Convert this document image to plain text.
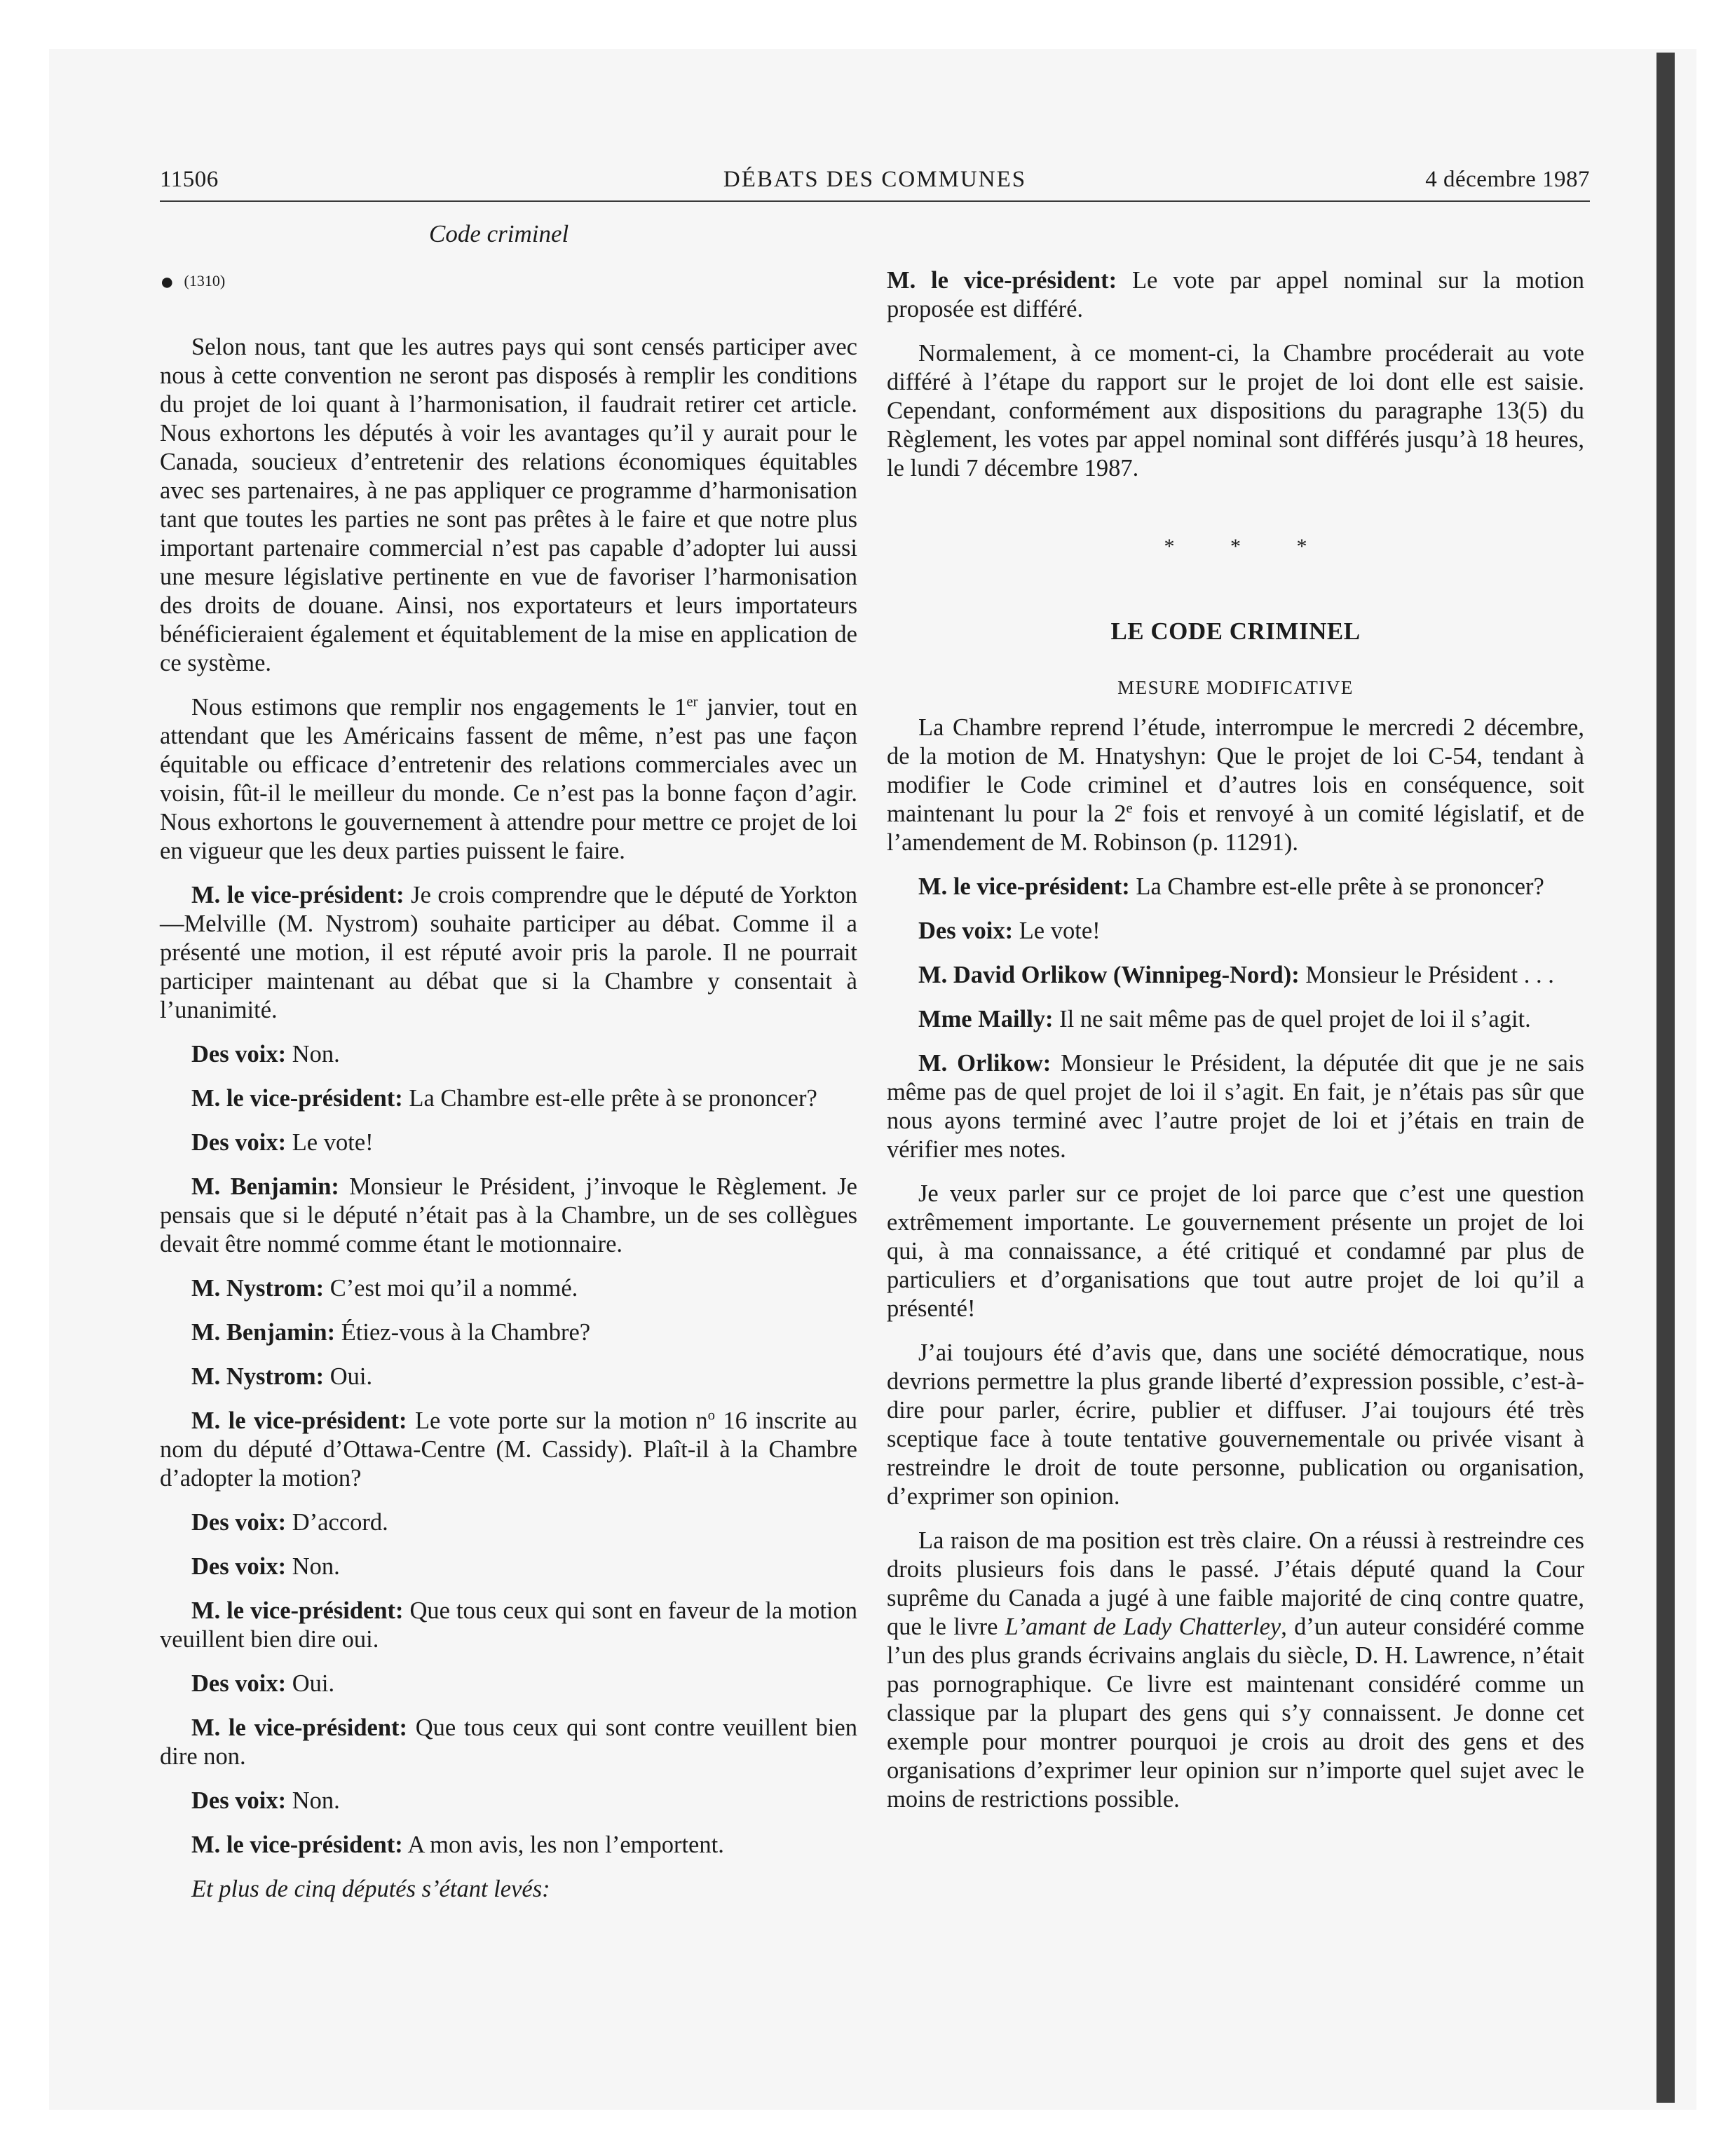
11506	DÉBATS DES COMMUNES	4 décembre 1987
Code criminel
● (1310)

Selon nous, tant que les autres pays qui sont censés participer avec nous à cette convention ne seront pas disposés à remplir les conditions du projet de loi quant à l’harmonisation, il faudrait retirer cet article. Nous exhortons les députés à voir les avantages qu’il y aurait pour le Canada, soucieux d’entretenir des relations économiques équitables avec ses partenaires, à ne pas appliquer ce programme d’harmonisation tant que toutes les parties ne sont pas prêtes à le faire et que notre plus important partenaire commercial n’est pas capable d’adopter lui aussi une mesure législative pertinente en vue de favoriser l’harmonisation des droits de douane. Ainsi, nos exportateurs et leurs importateurs bénéficieraient également et équitablement de la mise en application de ce système.

Nous estimons que remplir nos engagements le 1er janvier, tout en attendant que les Américains fassent de même, n’est pas une façon équitable ou efficace d’entretenir des relations commerciales avec un voisin, fût-il le meilleur du monde. Ce n’est pas la bonne façon d’agir. Nous exhortons le gouvernement à attendre pour mettre ce projet de loi en vigueur que les deux parties puissent le faire.

M. le vice-président: Je crois comprendre que le député de Yorkton—Melville (M. Nystrom) souhaite participer au débat. Comme il a présenté une motion, il est réputé avoir pris la parole. Il ne pourrait participer maintenant au débat que si la Chambre y consentait à l’unanimité.

Des voix: Non.

M. le vice-président: La Chambre est-elle prête à se prononcer?

Des voix: Le vote!

M. Benjamin: Monsieur le Président, j’invoque le Règlement. Je pensais que si le député n’était pas à la Chambre, un de ses collègues devait être nommé comme étant le motionnaire.

M. Nystrom: C’est moi qu’il a nommé.

M. Benjamin: Étiez-vous à la Chambre?

M. Nystrom: Oui.

M. le vice-président: Le vote porte sur la motion $n^o$ 16 inscrite au nom du député d’Ottawa-Centre (M. Cassidy). Plaît-il à la Chambre d’adopter la motion?

Des voix: D’accord.

Des voix: Non.

M. le vice-président: Que tous ceux qui sont en faveur de la motion veuillent bien dire oui.

Des voix: Oui.

M. le vice-président: Que tous ceux qui sont contre veuillent bien dire non.

Des voix: Non.

M. le vice-président: A mon avis, les non l’emportent.

Et plus de cinq députés s’étant levés:

M. le vice-président: Le vote par appel nominal sur la motion proposée est différé.

Normalement, à ce moment-ci, la Chambre procéderait au vote différé à l’étape du rapport sur le projet de loi dont elle est saisie. Cependant, conformément aux dispositions du paragraphe 13(5) du Règlement, les votes par appel nominal sont différés jusqu’à 18 heures, le lundi 7 décembre 1987.

* * *
LE CODE CRIMINEL
MESURE MODIFICATIVE

La Chambre reprend l’étude, interrompue le mercredi 2 décembre, de la motion de M. Hnatyshyn: Que le projet de loi C-54, tendant à modifier le Code criminel et d’autres lois en conséquence, soit maintenant lu pour la 2e fois et renvoyé à un comité législatif, et de l’amendement de M. Robinson (p. 11291).

M. le vice-président: La Chambre est-elle prête à se prononcer?

Des voix: Le vote!

M. David Orlikow (Winnipeg-Nord): Monsieur le Président . . .

Mme Mailly: Il ne sait même pas de quel projet de loi il s’agit.

M. Orlikow: Monsieur le Président, la députée dit que je ne sais même pas de quel projet de loi il s’agit. En fait, je n’étais pas sûr que nous ayons terminé avec l’autre projet de loi et j’étais en train de vérifier mes notes.

Je veux parler sur ce projet de loi parce que c’est une question extrêmement importante. Le gouvernement présente un projet de loi qui, à ma connaissance, a été critiqué et condamné par plus de particuliers et d’organisations que tout autre projet de loi qu’il a présenté!

J’ai toujours été d’avis que, dans une société démocratique, nous devrions permettre la plus grande liberté d’expression possible, c’est-à-dire pour parler, écrire, publier et diffuser. J’ai toujours été très sceptique face à toute tentative gouvernementale ou privée visant à restreindre le droit de toute personne, publication ou organisation, d’exprimer son opinion.

La raison de ma position est très claire. On a réussi à restreindre ces droits plusieurs fois dans le passé. J’étais député quand la Cour suprême du Canada a jugé à une faible majorité de cinq contre quatre, que le livre L’amant de Lady Chatterley, d’un auteur considéré comme l’un des plus grands écrivains anglais du siècle, D. H. Lawrence, n’était pas pornographique. Ce livre est maintenant considéré comme un classique par la plupart des gens qui s’y connaissent. Je donne cet exemple pour montrer pourquoi je crois au droit des gens et des organisations d’exprimer leur opinion sur n’importe quel sujet avec le moins de restrictions possible.
